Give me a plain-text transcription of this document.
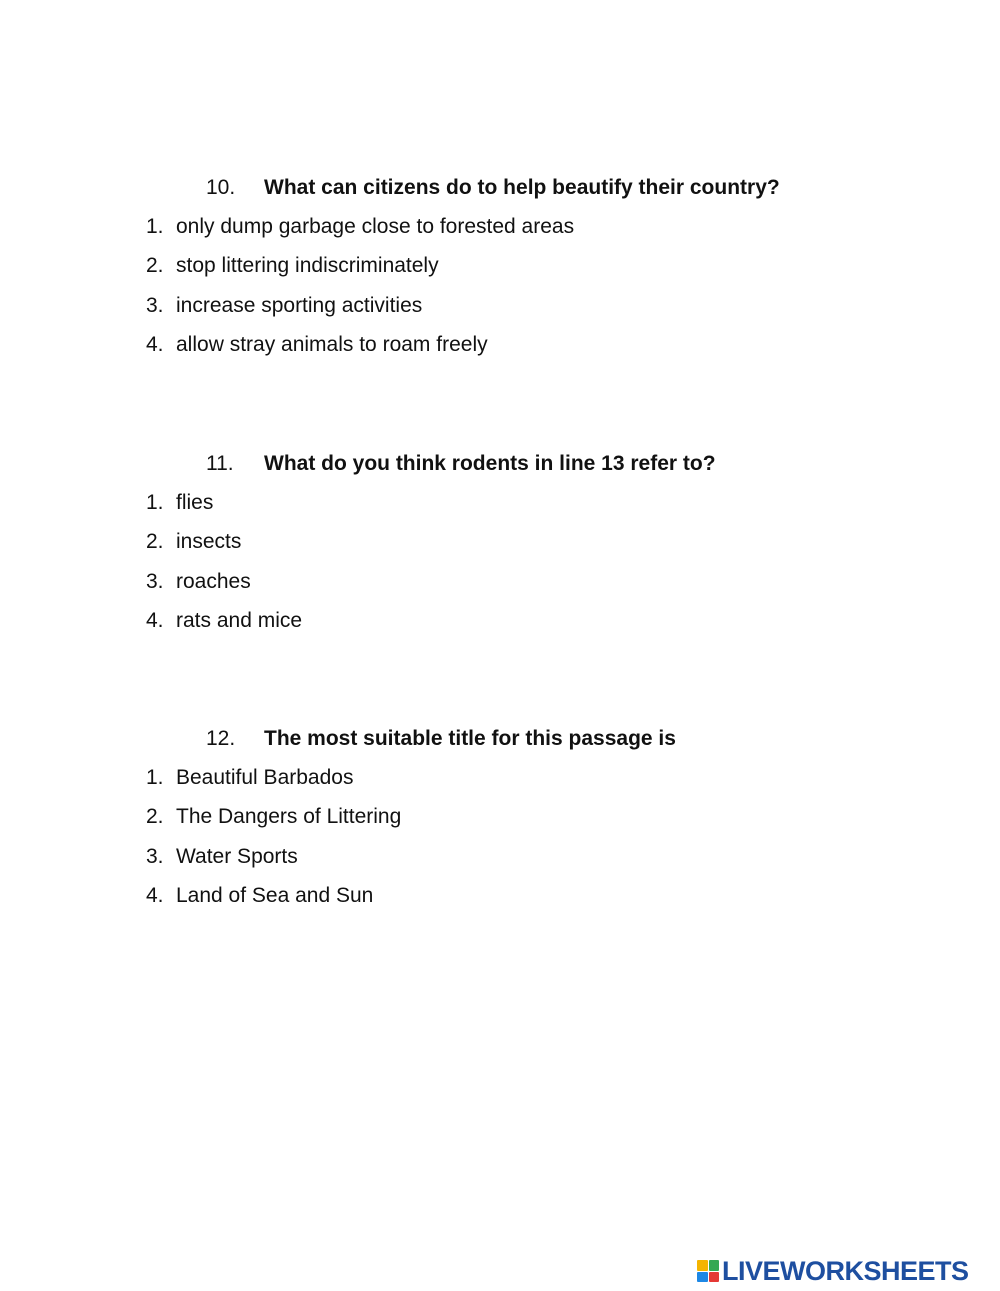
10. What can citizens do to help beautify their country?
1. only dump garbage close to forested areas
2. stop littering indiscriminately
3. increase sporting activities
4. allow stray animals to roam freely
11. What do you think rodents in line 13 refer to?
1. flies
2. insects
3. roaches
4. rats and mice
12. The most suitable title for this passage is
1. Beautiful Barbados
2. The Dangers of Littering
3. Water Sports
4. Land of Sea and Sun
LIVEWORKSHEETS
